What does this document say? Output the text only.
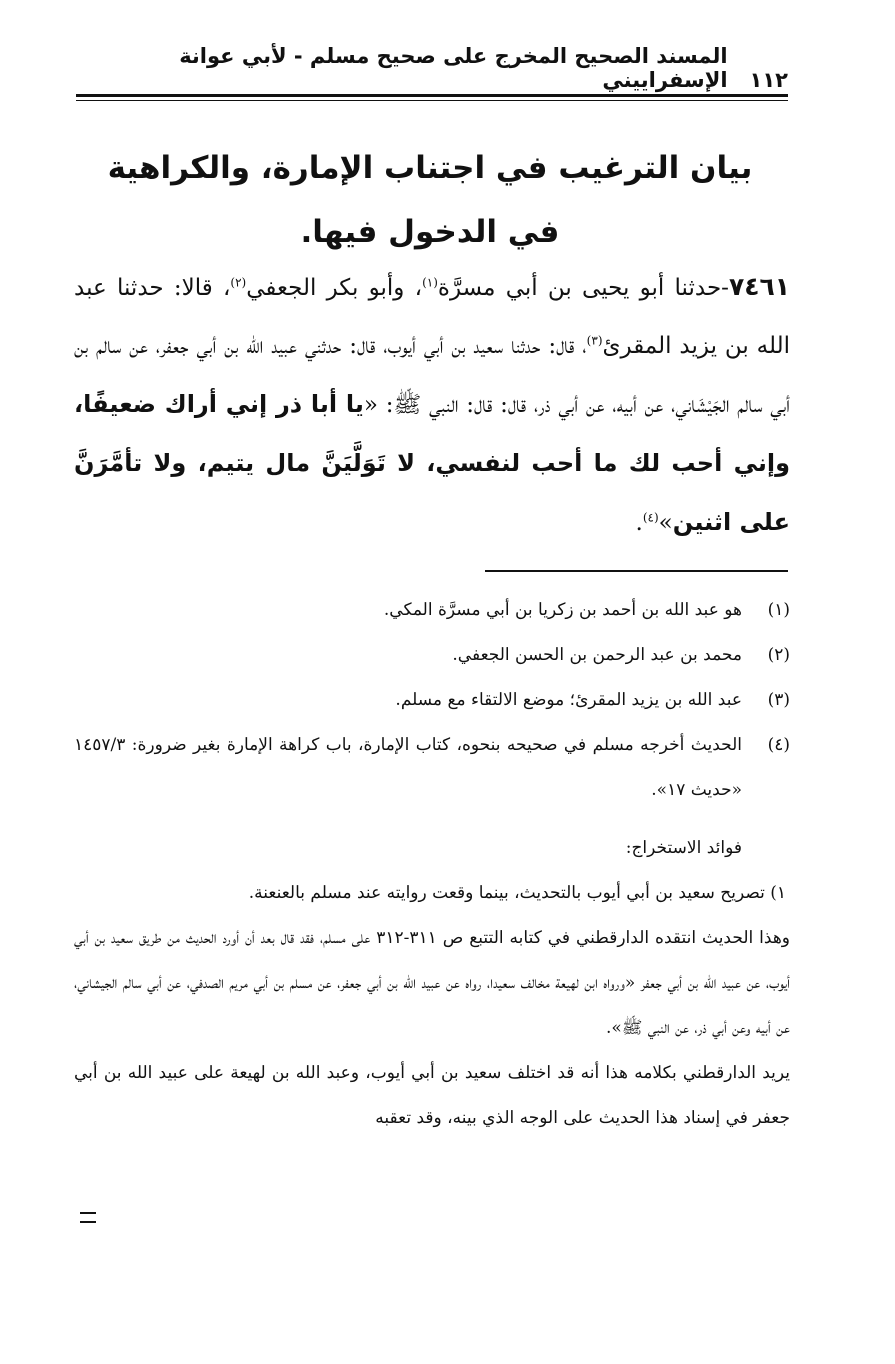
١١٢
المسند الصحيح المخرج على صحيح مسلم - لأبي عوانة الإسفراييني
بيان الترغيب في اجتناب الإمارة، والكراهية
في الدخول فيها.
٧٤٦١-حدثنا أبو يحيى بن أبي مسرَّة$^{(١)}$، وأبو بكر الجعفي$^{(٢)}$، قالا: حدثنا عبد الله بن يزيد المقرئ$^{(٣)}$، قال: حدثنا سعيد بن أبي أيوب، قال: حدثني عبيد الله بن أبي جعفر، عن سالم بن أبي سالم الجَيْشَاني، عن أبيه، عن أبي ذر، قال: قال: النبي ﷺ: «يا أبا ذر إني أراك ضعيفًا، وإني أحب لك ما أحب لنفسي، لا تَوَلَّيَنَّ مال يتيم، ولا تأمَّرَنَّ على اثنين»$^{(٤)}$.
(١)
هو عبد الله بن أحمد بن زكريا بن أبي مسرَّة المكي.
(٢)
محمد بن عبد الرحمن بن الحسن الجعفي.
(٣)
عبد الله بن يزيد المقرئ؛ موضع الالتقاء مع مسلم.
(٤)
الحديث أخرجه مسلم في صحيحه بنحوه، كتاب الإمارة، باب كراهة الإمارة بغير ضرورة: ١٤٥٧/٣ «حديث ١٧».

فوائد الاستخراج:

١) تصريح سعيد بن أبي أيوب بالتحديث، بينما وقعت روايته عند مسلم بالعنعنة.

وهذا الحديث انتقده الدارقطني في كتابه التتبع ص ٣١١-٣١٢ على مسلم، فقد قال بعد أن أورد الحديث من طريق سعيد بن أبي أيوب، عن عبيد الله بن أبي جعفر «ورواه ابن لهيعة مخالف سعيدا، رواه عن عبيد الله بن أبي جعفر، عن مسلم بن أبي مريم الصدفي، عن أبي سالم الجيشاني، عن أبيه وعن أبي ذر، عن النبي ﷺ».

يريد الدارقطني بكلامه هذا أنه قد اختلف سعيد بن أبي أيوب، وعبد الله بن لهيعة على عبيد الله بن أبي جعفر في إسناد هذا الحديث على الوجه الذي بينه، وقد تعقبه
